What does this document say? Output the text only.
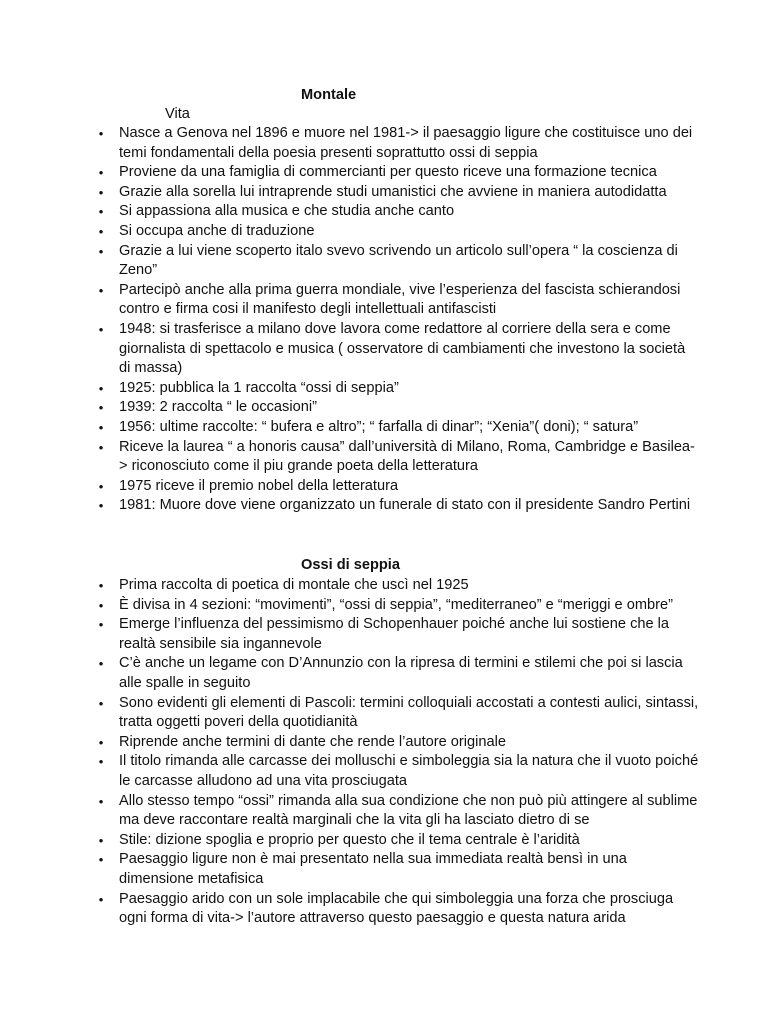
Montale
Vita
• Nasce a Genova nel 1896 e muore nel 1981-> il paesaggio ligure che costituisce uno dei temi fondamentali della poesia presenti soprattutto ossi di seppia
• Proviene da una famiglia di commercianti per questo riceve una formazione tecnica
• Grazie alla sorella lui intraprende studi umanistici che avviene in maniera autodidatta
• Si appassiona alla musica e che studia anche canto
• Si occupa anche di traduzione
• Grazie a lui viene scoperto italo svevo scrivendo un articolo sull’opera “ la coscienza di Zeno”
• Partecipò anche alla prima guerra mondiale, vive l’esperienza del fascista schierandosi contro e firma cosi il manifesto degli intellettuali antifascisti
• 1948: si trasferisce a milano dove lavora come redattore al corriere della sera e come giornalista di spettacolo e musica ( osservatore di cambiamenti che investono la società di massa)
• 1925: pubblica la 1 raccolta “ossi di seppia”
• 1939: 2 raccolta “ le occasioni”
• 1956: ultime raccolte: “ bufera e altro”; “ farfalla di dinar”; “Xenia”( doni); “ satura”
• Riceve la laurea “ a honoris causa” dall’università di Milano, Roma, Cambridge e Basilea-> riconosciuto come il piu grande poeta della letteratura
• 1975 riceve il premio nobel della letteratura
• 1981: Muore dove viene organizzato un funerale di stato con il presidente Sandro Pertini
Ossi di seppia
• Prima raccolta di poetica di montale che uscì nel 1925
• È divisa in 4 sezioni: “movimenti”, “ossi di seppia”, “mediterraneo” e “meriggi e ombre”
• Emerge l’influenza del pessimismo di Schopenhauer poiché anche lui sostiene che la realtà sensibile sia ingannevole
• C’è anche un legame con D’Annunzio con la ripresa di termini e stilemi che poi si lascia alle spalle in seguito
• Sono evidenti gli elementi di Pascoli: termini colloquiali accostati a contesti aulici, sintassi, tratta oggetti poveri della quotidianità
• Riprende anche termini di dante che rende l’autore originale
• Il titolo rimanda alle carcasse dei molluschi e simboleggia sia la natura che il vuoto poiché le carcasse alludono ad una vita prosciugata
• Allo stesso tempo “ossi” rimanda alla sua condizione che non può più attingere al sublime ma deve raccontare realtà marginali che la vita gli ha lasciato dietro di se
• Stile: dizione spoglia e proprio per questo che il tema centrale è l’aridità
• Paesaggio ligure non è mai presentato nella sua immediata realtà bensì in una dimensione metafisica
• Paesaggio arido con un sole implacabile che qui simboleggia una forza che prosciuga ogni forma di vita-> l’autore attraverso questo paesaggio e questa natura arida
